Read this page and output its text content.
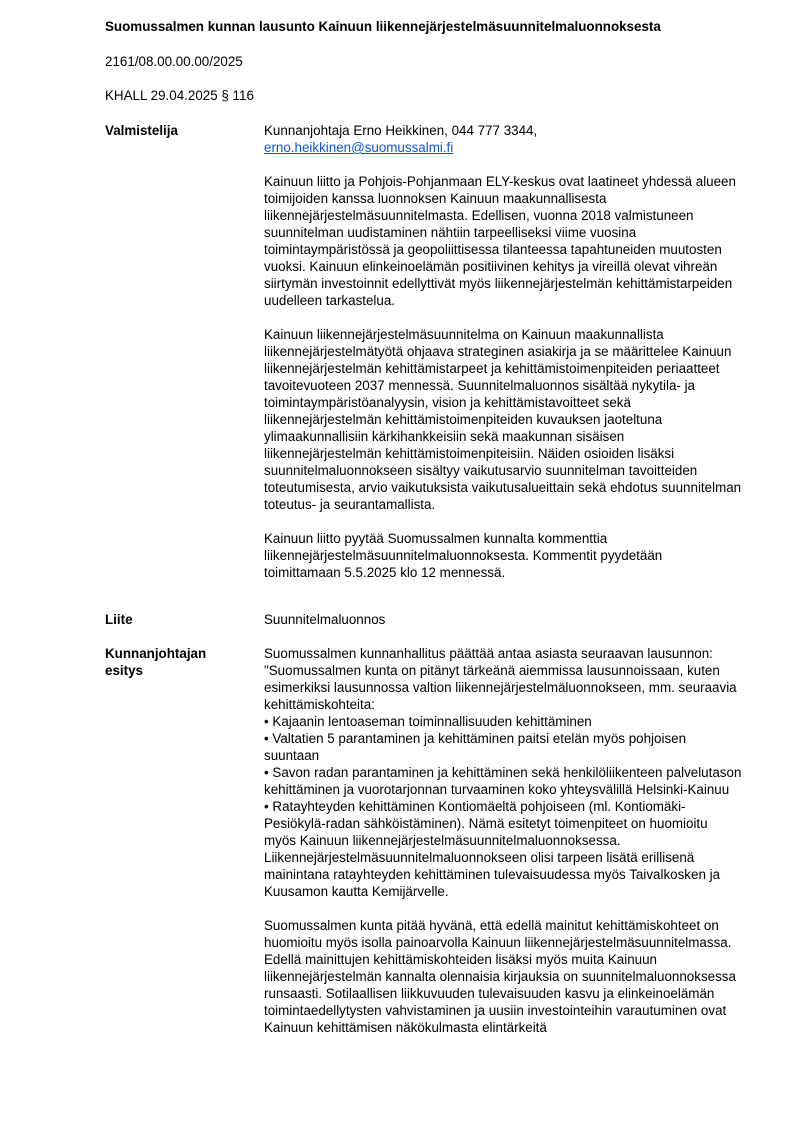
Suomussalmen kunnan lausunto Kainuun liikennejärjestelmäsuunnitelmaluonnoksesta
2161/08.00.00.00/2025
KHALL 29.04.2025 § 116
Valmistelija	Kunnanjohtaja Erno Heikkinen, 044 777 3344,

erno.heikkinen@suomussalmi.fi

Kainuun liitto ja Pohjois-Pohjanmaan ELY-keskus ovat laatineet yhdessä alueen toimijoiden kanssa luonnoksen Kainuun maakunnallisesta liikennejärjestelmäsuunnitelmasta. Edellisen, vuonna 2018 valmistuneen suunnitelman uudistaminen nähtiin tarpeelliseksi viime vuosina toimintaympäristössä ja geopoliittisessa tilanteessa tapahtuneiden muutosten vuoksi. Kainuun elinkeinoelämän positiivinen kehitys ja vireillä olevat vihreän siirtymän investoinnit edellyttivät myös liikennejärjestelmän kehittämistarpeiden uudelleen tarkastelua.

Kainuun liikennejärjestelmäsuunnitelma on Kainuun maakunnallista liikennejärjestelmätyötä ohjaava strateginen asiakirja ja se määrittelee Kainuun liikennejärjestelmän kehittämistarpeet ja kehittämistoimenpiteiden periaatteet tavoitevuoteen 2037 mennessä. Suunnitelmaluonnos sisältää nykytila- ja toimintaympäristöanalyysin, vision ja kehittämistavoitteet sekä liikennejärjestelmän kehittämistoimenpiteiden kuvauksen jaoteltuna ylimaakunnallisiin kärkihankkeisiin sekä maakunnan sisäisen liikennejärjestelmän kehittämistoimenpiteisiin. Näiden osioiden lisäksi suunnitelmaluonnokseen sisältyy vaikutusarvio suunnitelman tavoitteiden toteutumisesta, arvio vaikutuksista vaikutusalueittain sekä ehdotus suunnitelman toteutus- ja seurantamallista.

Kainuun liitto pyytää Suomussalmen kunnalta kommenttia liikennejärjestelmäsuunnitelmaluonnoksesta. Kommentit pyydetään toimittamaan 5.5.2025 klo 12 mennessä.

Liite	Suunnitelmaluonnos
Kunnanjohtajan
esitys

Suomussalmen kunnanhallitus päättää antaa asiasta seuraavan lausunnon:

"Suomussalmen kunta on pitänyt tärkeänä aiemmissa lausunnoissaan, kuten esimerkiksi lausunnossa valtion liikennejärjestelmäluonnokseen, mm. seuraavia kehittämiskohteita:

• Kajaanin lentoaseman toiminnallisuuden kehittäminen

• Valtatien 5 parantaminen ja kehittäminen paitsi etelän myös pohjoisen suuntaan

• Savon radan parantaminen ja kehittäminen sekä henkilöliikenteen palvelutason kehittäminen ja vuorotarjonnan turvaaminen koko yhteysvälillä Helsinki-Kainuu

• Ratayhteyden kehittäminen Kontiomäeltä pohjoiseen (ml. Kontiomäki-Pesiökylä-radan sähköistäminen). Nämä esitetyt toimenpiteet on huomioitu myös Kainuun liikennejärjestelmäsuunnitelmaluonnoksessa. Liikennejärjestelmäsuunnitelmaluonnokseen olisi tarpeen lisätä erillisenä mainintana ratayhteyden kehittäminen tulevaisuudessa myös Taivalkosken ja Kuusamon kautta Kemijärvelle.

Suomussalmen kunta pitää hyvänä, että edellä mainitut kehittämiskohteet on huomioitu myös isolla painoarvolla Kainuun liikennejärjestelmäsuunnitelmassa. Edellä mainittujen kehittämiskohteiden lisäksi myös muita Kainuun liikennejärjestelmän kannalta olennaisia kirjauksia on suunnitelmaluonnoksessa runsaasti. Sotilaallisen liikkuvuuden tulevaisuuden kasvu ja elinkeinoelämän toimintaedellytysten vahvistaminen ja uusiin investointeihin varautuminen ovat Kainuun kehittämisen näkökulmasta elintärkeitä
